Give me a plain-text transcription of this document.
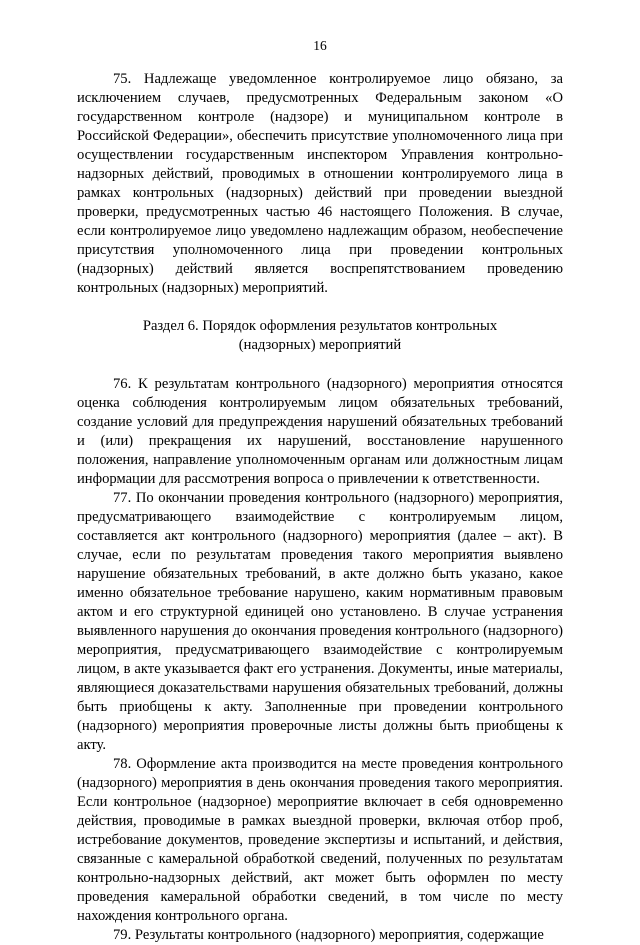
16

75. Надлежаще уведомленное контролируемое лицо обязано, за исключением случаев, предусмотренных Федеральным законом «О государственном контроле (надзоре) и муниципальном контроле в Российской Федерации», обеспечить присутствие уполномоченного лица при осуществлении государственным инспектором Управления контрольно-надзорных действий, проводимых в отношении контролируемого лица в рамках контрольных (надзорных) действий при проведении выездной проверки, предусмотренных частью 46 настоящего Положения. В случае, если контролируемое лицо уведомлено надлежащим образом, необеспечение присутствия уполномоченного лица при проведении контрольных (надзорных) действий является воспрепятствованием проведению контрольных (надзорных) мероприятий.

Раздел 6. Порядок оформления результатов контрольных (надзорных) мероприятий

76. К результатам контрольного (надзорного) мероприятия относятся оценка соблюдения контролируемым лицом обязательных требований, создание условий для предупреждения нарушений обязательных требований и (или) прекращения их нарушений, восстановление нарушенного положения, направление уполномоченным органам или должностным лицам информации для рассмотрения вопроса о привлечении к ответственности.

77. По окончании проведения контрольного (надзорного) мероприятия, предусматривающего взаимодействие с контролируемым лицом, составляется акт контрольного (надзорного) мероприятия (далее – акт). В случае, если по результатам проведения такого мероприятия выявлено нарушение обязательных требований, в акте должно быть указано, какое именно обязательное требование нарушено, каким нормативным правовым актом и его структурной единицей оно установлено. В случае устранения выявленного нарушения до окончания проведения контрольного (надзорного) мероприятия, предусматривающего взаимодействие с контролируемым лицом, в акте указывается факт его устранения. Документы, иные материалы, являющиеся доказательствами нарушения обязательных требований, должны быть приобщены к акту. Заполненные при проведении контрольного (надзорного) мероприятия проверочные листы должны быть приобщены к акту.

78. Оформление акта производится на месте проведения контрольного (надзорного) мероприятия в день окончания проведения такого мероприятия. Если контрольное (надзорное) мероприятие включает в себя одновременно действия, проводимые в рамках выездной проверки, включая отбор проб, истребование документов, проведение экспертизы и испытаний, и действия, связанные с камеральной обработкой сведений, полученных по результатам контрольно-надзорных действий, акт может быть оформлен по месту проведения камеральной обработки сведений, в том числе по месту нахождения контрольного органа.

79. Результаты контрольного (надзорного) мероприятия, содержащие
